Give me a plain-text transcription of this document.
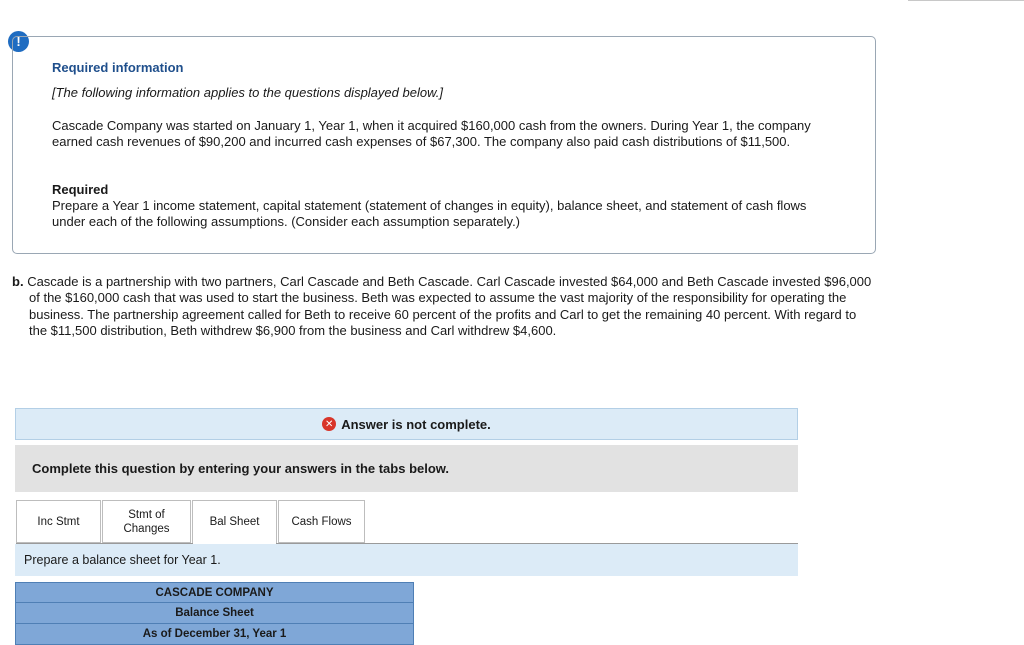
!
Required information
[The following information applies to the questions displayed below.]
Cascade Company was started on January 1, Year 1, when it acquired $160,000 cash from the owners. During Year 1, the company earned cash revenues of $90,200 and incurred cash expenses of $67,300. The company also paid cash distributions of $11,500.
Required
Prepare a Year 1 income statement, capital statement (statement of changes in equity), balance sheet, and statement of cash flows under each of the following assumptions. (Consider each assumption separately.)
b. Cascade is a partnership with two partners, Carl Cascade and Beth Cascade. Carl Cascade invested $64,000 and Beth Cascade invested $96,000 of the $160,000 cash that was used to start the business. Beth was expected to assume the vast majority of the responsibility for operating the business. The partnership agreement called for Beth to receive 60 percent of the profits and Carl to get the remaining 40 percent. With regard to the $11,500 distribution, Beth withdrew $6,900 from the business and Carl withdrew $4,600.
✕ Answer is not complete.
Complete this question by entering your answers in the tabs below.
Inc Stmt
Stmt of
Changes
Bal Sheet	Cash Flows
Prepare a balance sheet for Year 1.
CASCADE COMPANY
Balance Sheet
As of December 31, Year 1
